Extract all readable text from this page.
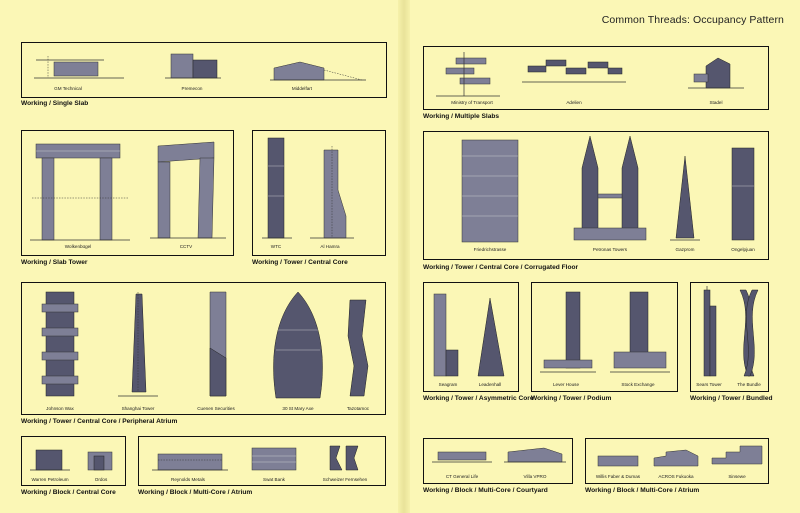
Common Threads: Occupancy Pattern
GM Technical	Premecon	Middelfart
Working / Single Slab	Ministry of Transport	Adelien	Stadel
Working / Multiple Slabs
Wolkenbügel	CCTV
Working / Slab Tower
WTC	Al Hamra
Working / Tower / Central Core
Friedrichstrasse	Petronas Towers	Gazprom	Ongelpjuan
Working / Tower / Central Core / Corrugated Floor
Johnson Wax	Shanghai Tower	Cuenen Securities	30 St Mary Axe	Tazotamoc
Working / Tower / Central Core / Peripheral Atrium
Seagram	Leadenhall
Working / Tower / Asymmetric Core
Lever House	Stock Exchange
Working / Tower / Podium
Sears Tower	The Bundle
Working / Tower / Bundled
Warren Petroleum	Ordos
Working / Block / Central Core
Reynolds Metals	Swat Bank	Schweizer Fernsehen
Working / Block / Multi-Core / Atrium
CT General Life	Villa VPRO
Working / Block / Multi-Core / Courtyard
Willis Faber & Dumas	ACROS Fukuoka	Sinsewe
Working / Block / Multi-Core / Atrium
